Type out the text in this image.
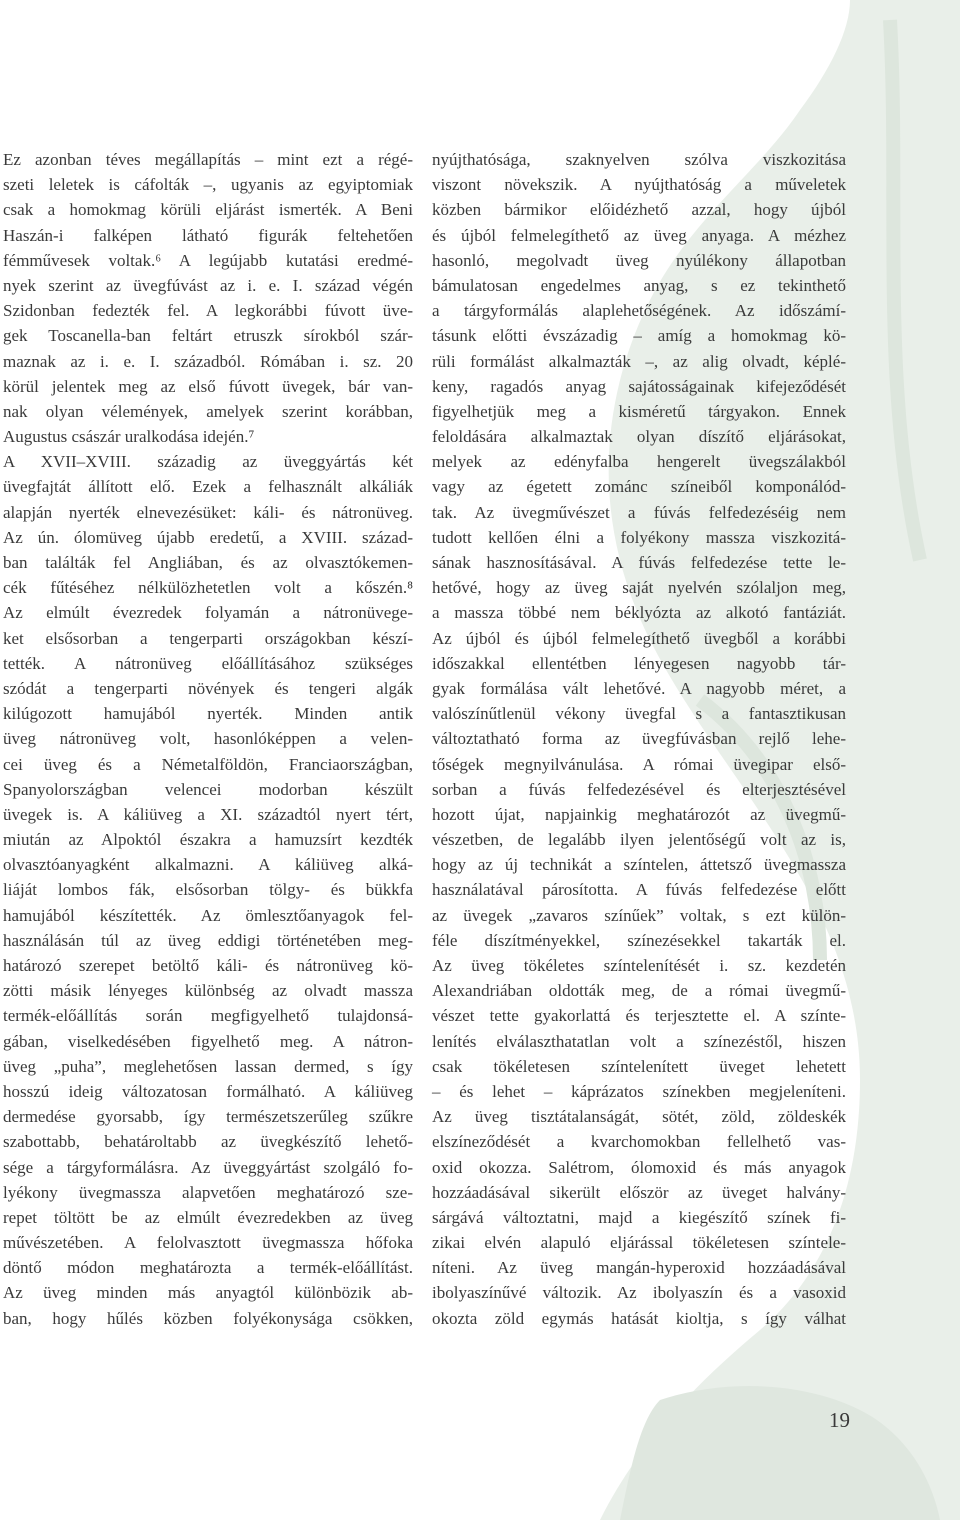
Ez azonban téves megállapítás – mint ezt a régé-
szeti leletek is cáfolták –, ugyanis az egyiptomiak
csak a homokmag körüli eljárást ismerték. A Beni
Haszán-i falképen látható figurák feltehetően
fémművesek voltak.⁶ A legújabb kutatási eredmé-
nyek szerint az üvegfúvást az i. e. I. század végén
Szidonban fedezték fel. A legkorábbi fúvott üve-
gek Toscanella-ban feltárt etruszk sírokból szár-
maznak az i. e. I. századból. Rómában i. sz. 20
körül jelentek meg az első fúvott üvegek, bár van-
nak olyan vélemények, amelyek szerint korábban,
Augustus császár uralkodása idején.⁷
A XVII–XVIII. századig az üveggyártás két
üvegfajtát állított elő. Ezek a felhasznált alkáliák
alapján nyerték elnevezésüket: káli- és nátronüveg.
Az ún. ólomüveg újabb eredetű, a XVIII. század-
ban találták fel Angliában, és az olvasztókemen-
cék fűtéséhez nélkülözhetetlen volt a kőszén.⁸
Az elmúlt évezredek folyamán a nátronüvege-
ket elsősorban a tengerparti országokban készí-
tették. A nátronüveg előállításához szükséges
szódát a tengerparti növények és tengeri algák
kilúgozott hamujából nyerték. Minden antik
üveg nátronüveg volt, hasonlóképpen a velen-
cei üveg és a Németalföldön, Franciaországban,
Spanyolországban velencei modorban készült
üvegek is. A káliüveg a XI. századtól nyert tért,
miután az Alpoktól északra a hamuzsírt kezdték
olvasztóanyagként alkalmazni. A káliüveg alká-
liáját lombos fák, elsősorban tölgy- és bükkfa
hamujából készítették. Az ömlesztőanyagok fel-
használásán túl az üveg eddigi történetében meg-
határozó szerepet betöltő káli- és nátronüveg kö-
zötti másik lényeges különbség az olvadt massza
termék-előállítás során megfigyelhető tulajdonsá-
gában, viselkedésében figyelhető meg. A nátron-
üveg „puha”, meglehetősen lassan dermed, s így
hosszú ideig változatosan formálható. A káliüveg
dermedése gyorsabb, így természetszerűleg szűkre
szabottabb, behatároltabb az üvegkészítő lehető-
sége a tárgyformálásra. Az üveggyártást szolgáló fo-
lyékony üvegmassza alapvetően meghatározó sze-
repet töltött be az elmúlt évezredekben az üveg
művészetében. A felolvasztott üvegmassza hőfoka
döntő módon meghatározta a termék-előállítást.
Az üveg minden más anyagtól különbözik ab-
ban, hogy hűlés közben folyékonysága csökken,
nyújthatósága, szaknyelven szólva viszkozitása
viszont növekszik. A nyújthatóság a műveletek
közben bármikor előidézhető azzal, hogy újból
és újból felmelegíthető az üveg anyaga. A mézhez
hasonló, megolvadt üveg nyúlékony állapotban
bámulatosan engedelmes anyag, s ez tekinthető
a tárgyformálás alaplehetőségének. Az időszámí-
tásunk előtti évszázadig – amíg a homokmag kö-
rüli formálást alkalmazták –, az alig olvadt, képlé-
keny, ragadós anyag sajátosságainak kifejeződését
figyelhetjük meg a kisméretű tárgyakon. Ennek
feloldására alkalmaztak olyan díszítő eljárásokat,
melyek az edényfalba hengerelt üvegszálakból
vagy az égetett zománc színeiből komponálód-
tak. Az üvegművészet a fúvás felfedezéséig nem
tudott kellően élni a folyékony massza viszkozitá-
sának hasznosításával. A fúvás felfedezése tette le-
hetővé, hogy az üveg saját nyelvén szólaljon meg,
a massza többé nem béklyózta az alkotó fantáziát.
Az újból és újból felmelegíthető üvegből a korábbi
időszakkal ellentétben lényegesen nagyobb tár-
gyak formálása vált lehetővé. A nagyobb méret, a
valószínűtlenül vékony üvegfal s a fantasztikusan
változtatható forma az üvegfúvásban rejlő lehe-
tőségek megnyilvánulása. A római üvegipar első-
sorban a fúvás felfedezésével és elterjesztésével
hozott újat, napjainkig meghatározót az üvegmű-
vészetben, de legalább ilyen jelentőségű volt az is,
hogy az új technikát a színtelen, áttetsző üvegmassza
használatával párosította. A fúvás felfedezése előtt
az üvegek „zavaros színűek” voltak, s ezt külön-
féle díszítményekkel, színezésekkel takarták el.
Az üveg tökéletes színtelenítését i. sz. kezdetén
Alexandriában oldották meg, de a római üvegmű-
vészet tette gyakorlattá és terjesztette el. A színte-
lenítés elválaszthatatlan volt a színezéstől, hiszen
csak tökéletesen színtelenített üveget lehetett
– és lehet – káprázatos színekben megjeleníteni.
Az üveg tisztátalanságát, sötét, zöld, zöldeskék
elszíneződését a kvarchomokban fellelhető vas-
oxid okozza. Salétrom, ólomoxid és más anyagok
hozzáadásával sikerült először az üveget halvány-
sárgává változtatni, majd a kiegészítő színek fi-
zikai elvén alapuló eljárással tökéletesen színtele-
níteni. Az üveg mangán-hyperoxid hozzáadásával
ibolyaszínűvé változik. Az ibolyaszín és a vasoxid
okozta zöld egymás hatását kioltja, s így válhat
19
